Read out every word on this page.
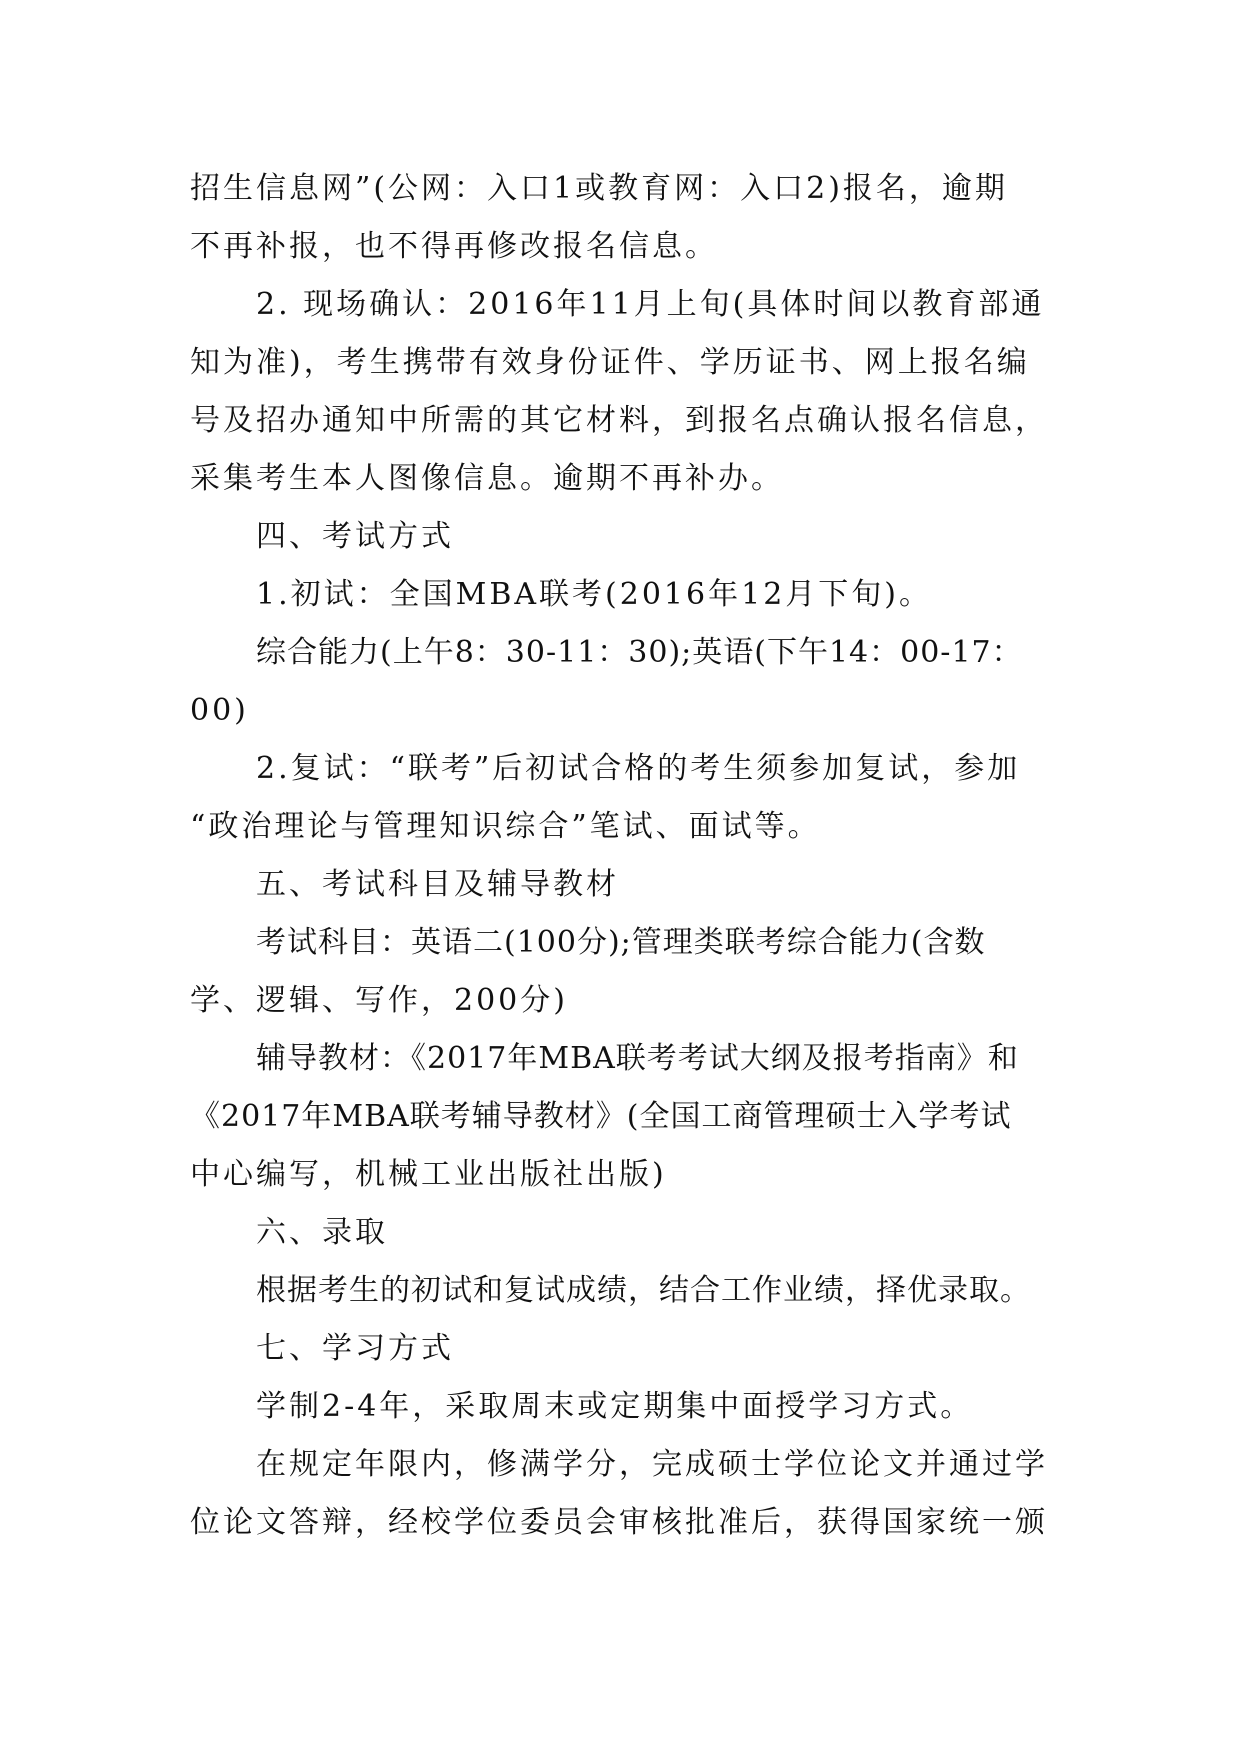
招生信息网”(公网：入口1或教育网：入口2)报名，逾期
不再补报，也不得再修改报名信息。
2. 现场确认：2016年11月上旬(具体时间以教育部通
知为准)，考生携带有效身份证件、学历证书、网上报名编
号及招办通知中所需的其它材料，到报名点确认报名信息，
采集考生本人图像信息。逾期不再补办。
四、考试方式
1.初试：全国MBA联考(2016年12月下旬)。
综合能力(上午8：30-11：30);英语(下午14：00-17：
00)
2.复试：“联考”后初试合格的考生须参加复试，参加
“政治理论与管理知识综合”笔试、面试等。
五、考试科目及辅导教材
考试科目：英语二(100分);管理类联考综合能力(含数
学、逻辑、写作，200分)
辅导教材：《2017年MBA联考考试大纲及报考指南》和
《2017年MBA联考辅导教材》(全国工商管理硕士入学考试
中心编写，机械工业出版社出版)
六、录取
根据考生的初试和复试成绩，结合工作业绩，择优录取。
七、学习方式
学制2-4年，采取周末或定期集中面授学习方式。
在规定年限内，修满学分，完成硕士学位论文并通过学
位论文答辩，经校学位委员会审核批准后，获得国家统一颁
